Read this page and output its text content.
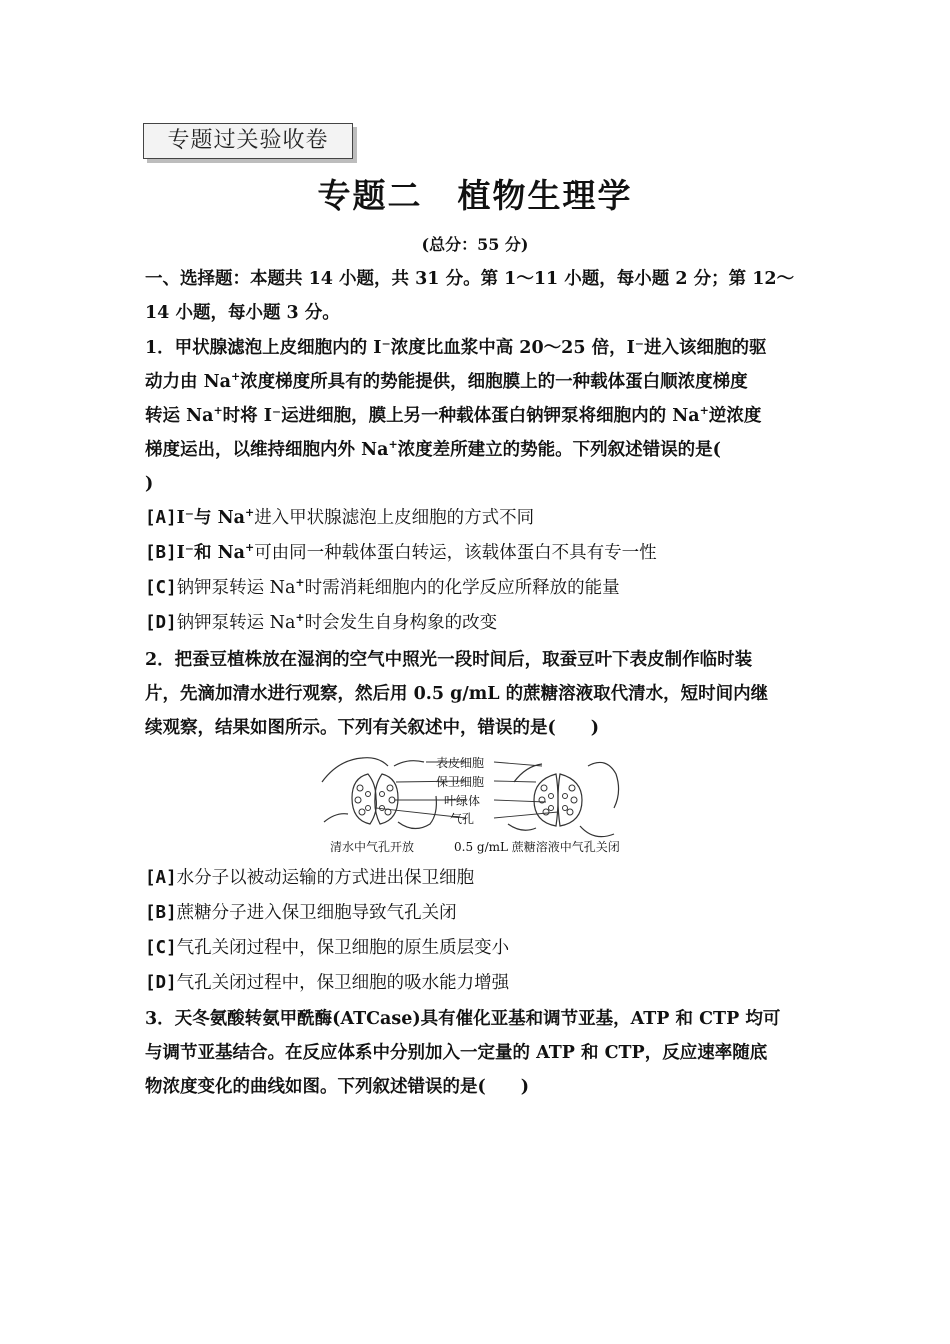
专题过关验收卷
专题二　植物生理学
(总分：55 分)
一、选择题：本题共 14 小题，共 31 分。第 1～11 小题，每小题 2 分；第 12～
14 小题，每小题 3 分。
1．甲状腺滤泡上皮细胞内的 I⁻浓度比血浆中高 20～25 倍，I⁻进入该细胞的驱
动力由 Na+浓度梯度所具有的势能提供，细胞膜上的一种载体蛋白顺浓度梯度
转运 Na+时将 I⁻运进细胞，膜上另一种载体蛋白钠钾泵将细胞内的 Na+逆浓度
梯度运出，以维持细胞内外 Na+浓度差所建立的势能。下列叙述错误的是(
)
[A]I⁻与 Na+进入甲状腺滤泡上皮细胞的方式不同
[B]I⁻和 Na+可由同一种载体蛋白转运，该载体蛋白不具有专一性
[C]钠钾泵转运 Na+时需消耗细胞内的化学反应所释放的能量
[D]钠钾泵转运 Na+时会发生自身构象的改变
2．把蚕豆植株放在湿润的空气中照光一段时间后，取蚕豆叶下表皮制作临时装
片，先滴加清水进行观察，然后用 0.5 g/mL 的蔗糖溶液取代清水，短时间内继
续观察，结果如图所示。下列有关叙述中，错误的是(　　)
表皮细胞
保卫细胞
叶绿体
气孔
清水中气孔开放	0.5 g/mL 蔗糖溶液中气孔关闭
[A]水分子以被动运输的方式进出保卫细胞
[B]蔗糖分子进入保卫细胞导致气孔关闭
[C]气孔关闭过程中，保卫细胞的原生质层变小
[D]气孔关闭过程中，保卫细胞的吸水能力增强
3．天冬氨酸转氨甲酰酶(ATCase)具有催化亚基和调节亚基，ATP 和 CTP 均可
与调节亚基结合。在反应体系中分别加入一定量的 ATP 和 CTP，反应速率随底
物浓度变化的曲线如图。下列叙述错误的是(　　)
